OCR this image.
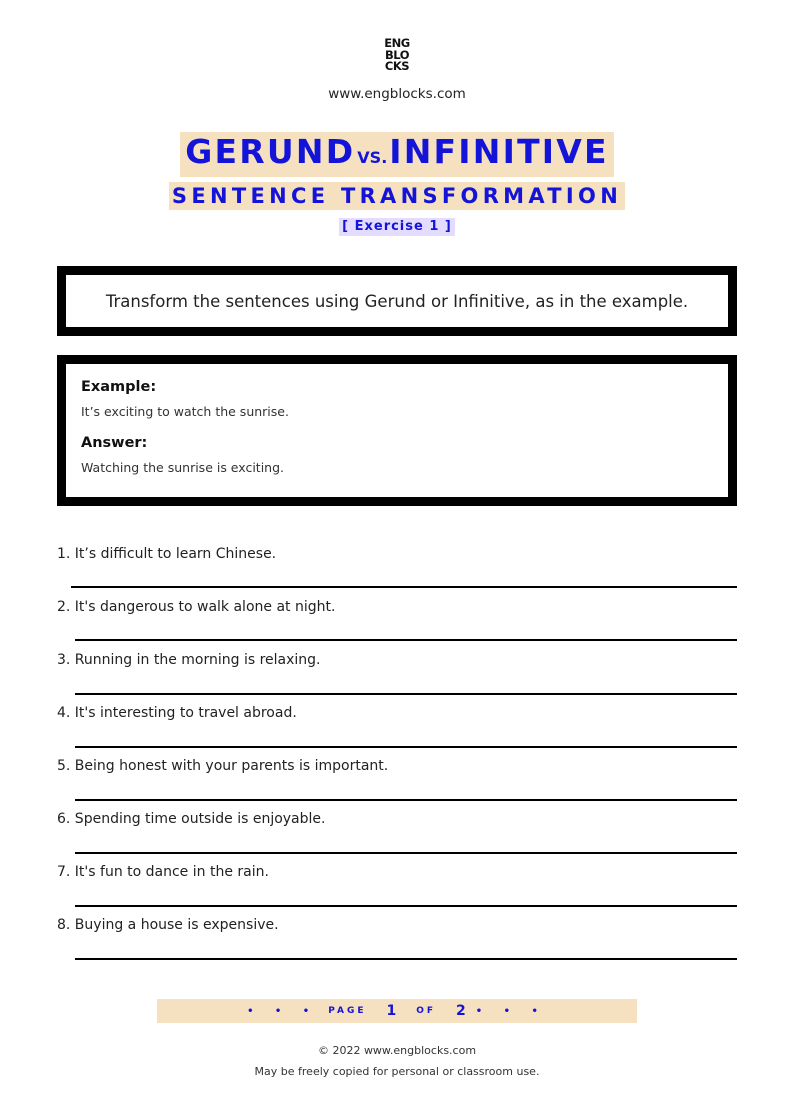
ENG
BLO
CKS
www.engblocks.com
GERUND VS.INFINITIVE
SENTENCE TRANSFORMATION
[ Exercise 1 ]
Transform the sentences using Gerund or Infinitive, as in the example.
Example:
It’s exciting to watch the sunrise.
Answer:
Watching the sunrise is exciting.
1. It’s difficult to learn Chinese.
2. It's dangerous to walk alone at night.
3. Running in the morning is relaxing.
4. It's interesting to travel abroad.
5. Being honest with your parents is important.
6. Spending time outside is enjoyable.
7. It's fun to dance in the rain.
8. Buying a house is expensive.
• • • PAGE 1 OF 2 • • •
© 2022 www.engblocks.com
May be freely copied for personal or classroom use.
